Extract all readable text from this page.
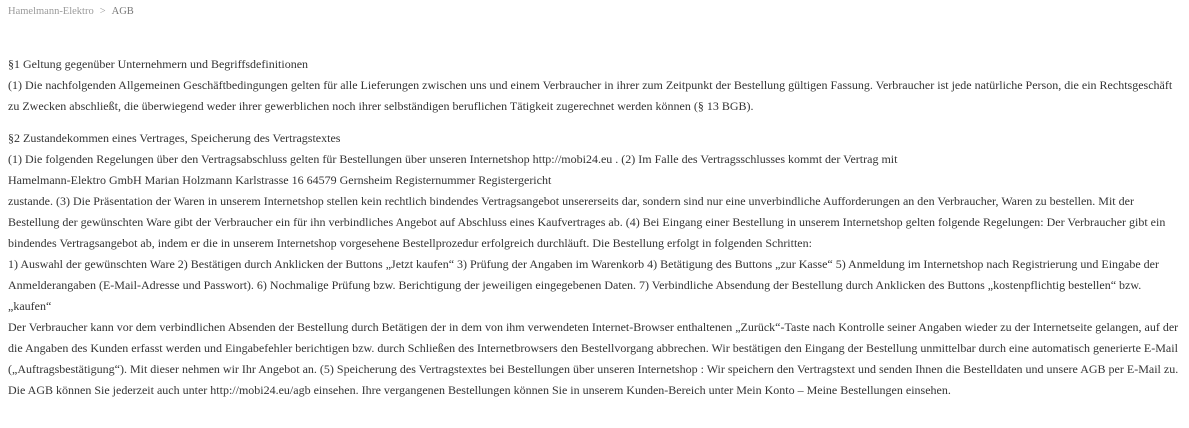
Hamelmann-Elektro > AGB

§1 Geltung gegenüber Unternehmern und Begriffsdefinitionen

(1) Die nachfolgenden Allgemeinen Geschäftbedingungen gelten für alle Lieferungen zwischen uns und einem Verbraucher in ihrer zum Zeitpunkt der Bestellung gültigen Fassung. Verbraucher ist jede natürliche Person, die ein Rechtsgeschäft zu Zwecken abschließt, die überwiegend weder ihrer gewerblichen noch ihrer selbständigen beruflichen Tätigkeit zugerechnet werden können (§ 13 BGB).

§2 Zustandekommen eines Vertrages, Speicherung des Vertragstextes

(1) Die folgenden Regelungen über den Vertragsabschluss gelten für Bestellungen über unseren Internetshop http://mobi24.eu . (2) Im Falle des Vertragsschlusses kommt der Vertrag mit

Hamelmann-Elektro GmbH Marian Holzmann Karlstrasse 16 64579 Gernsheim Registernummer Registergericht

zustande. (3) Die Präsentation der Waren in unserem Internetshop stellen kein rechtlich bindendes Vertragsangebot unsererseits dar, sondern sind nur eine unverbindliche Aufforderungen an den Verbraucher, Waren zu bestellen. Mit der Bestellung der gewünschten Ware gibt der Verbraucher ein für ihn verbindliches Angebot auf Abschluss eines Kaufvertrages ab. (4) Bei Eingang einer Bestellung in unserem Internetshop gelten folgende Regelungen: Der Verbraucher gibt ein bindendes Vertragsangebot ab, indem er die in unserem Internetshop vorgesehene Bestellprozedur erfolgreich durchläuft. Die Bestellung erfolgt in folgenden Schritten:

1) Auswahl der gewünschten Ware 2) Bestätigen durch Anklicken der Buttons „Jetzt kaufen“ 3) Prüfung der Angaben im Warenkorb 4) Betätigung des Buttons „zur Kasse“ 5) Anmeldung im Internetshop nach Registrierung und Eingabe der Anmelderangaben (E-Mail-Adresse und Passwort). 6) Nochmalige Prüfung bzw. Berichtigung der jeweiligen eingegebenen Daten. 7) Verbindliche Absendung der Bestellung durch Anklicken des Buttons „kostenpflichtig bestellen“ bzw. „kaufen“

Der Verbraucher kann vor dem verbindlichen Absenden der Bestellung durch Betätigen der in dem von ihm verwendeten Internet-Browser enthaltenen „Zurück“-Taste nach Kontrolle seiner Angaben wieder zu der Internetseite gelangen, auf der die Angaben des Kunden erfasst werden und Eingabefehler berichtigen bzw. durch Schließen des Internetbrowsers den Bestellvorgang abbrechen. Wir bestätigen den Eingang der Bestellung unmittelbar durch eine automatisch generierte E-Mail („Auftragsbestätigung“). Mit dieser nehmen wir Ihr Angebot an. (5) Speicherung des Vertragstextes bei Bestellungen über unseren Internetshop : Wir speichern den Vertragstext und senden Ihnen die Bestelldaten und unsere AGB per E-Mail zu. Die AGB können Sie jederzeit auch unter http://mobi24.eu/agb einsehen. Ihre vergangenen Bestellungen können Sie in unserem Kunden-Bereich unter Mein Konto – Meine Bestellungen einsehen.
